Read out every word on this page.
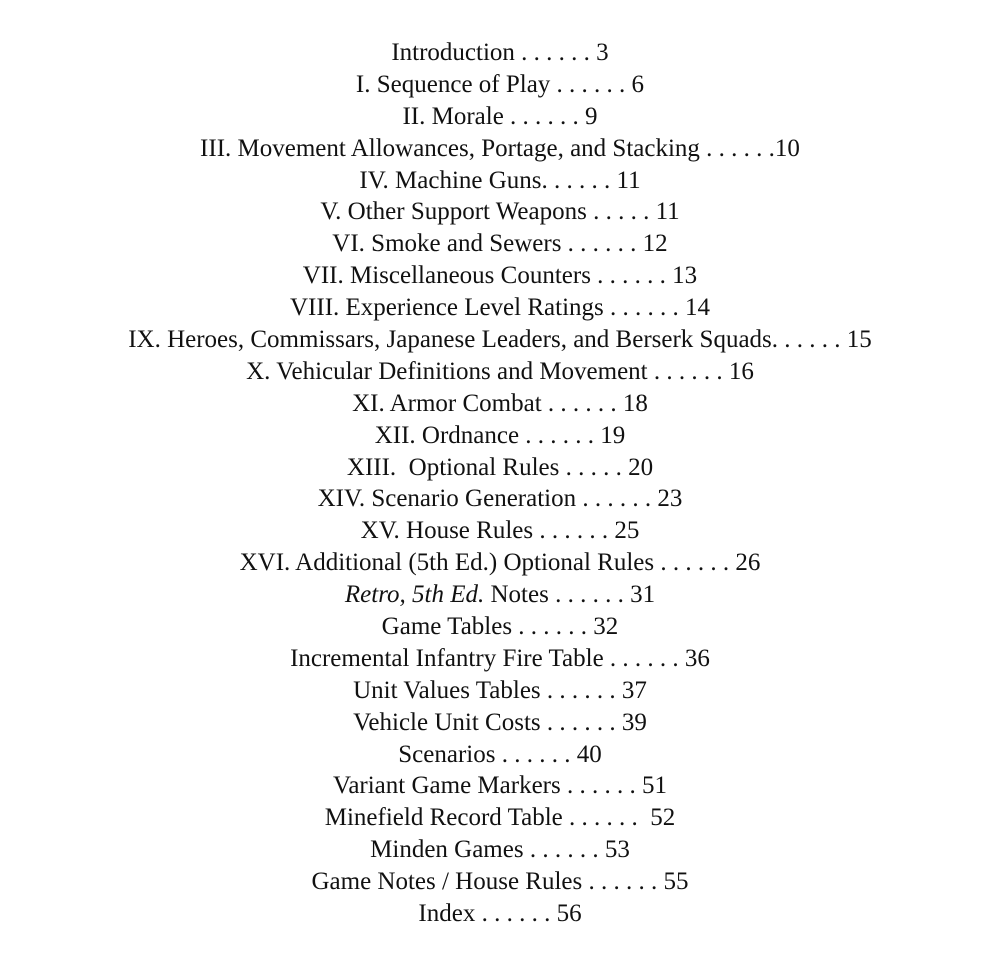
Introduction . . . . . . 3
I. Sequence of Play . . . . . . 6
II. Morale . . . . . . 9
III. Movement Allowances, Portage, and Stacking . . . . . .10
IV. Machine Guns. . . . . . 11
V. Other Support Weapons . . . . . 11
VI. Smoke and Sewers . . . . . . 12
VII. Miscellaneous Counters . . . . . . 13
VIII. Experience Level Ratings . . . . . . 14
IX. Heroes, Commissars, Japanese Leaders, and Berserk Squads. . . . . . 15
X. Vehicular Definitions and Movement . . . . . . 16
XI. Armor Combat . . . . . . 18
XII. Ordnance . . . . . . 19
XIII.  Optional Rules . . . . . 20
XIV. Scenario Generation . . . . . . 23
XV. House Rules . . . . . . 25
XVI. Additional (5th Ed.) Optional Rules . . . . . . 26
Retro, 5th Ed. Notes . . . . . . 31
Game Tables . . . . . . 32
Incremental Infantry Fire Table . . . . . . 36
Unit Values Tables . . . . . . 37
Vehicle Unit Costs . . . . . . 39
Scenarios . . . . . . 40
Variant Game Markers . . . . . . 51
Minefield Record Table . . . . . .  52
Minden Games . . . . . . 53
Game Notes / House Rules . . . . . . 55
Index . . . . . . 56
